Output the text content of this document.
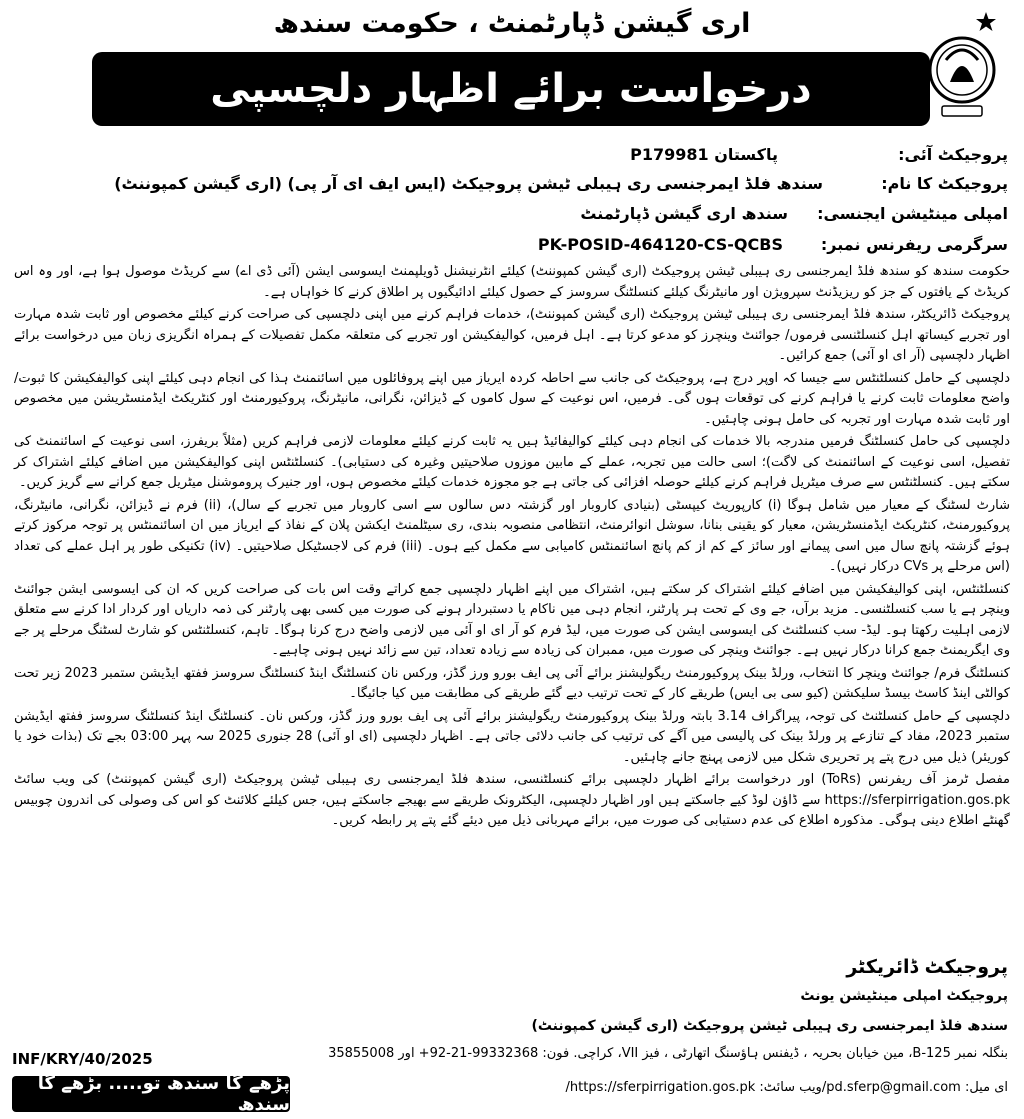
اری گیشن ڈپارٹمنٹ ، حکومت سندھ
درخواست برائے اظہار دلچسپی
پروجیکٹ آئی:
پاکستان P179981
پروجیکٹ کا نام:
سندھ فلڈ ایمرجنسی ری ہیبلی ٹیشن پروجیکٹ (ایس ایف ای آر پی) (اری گیشن کمپوننٹ)
امپلی مینٹیشن ایجنسی:
سندھ اری گیشن ڈپارٹمنٹ
سرگرمی ریفرنس نمبر:
PK-POSID-464120-CS-QCBS

حکومت سندھ کو سندھ فلڈ ایمرجنسی ری ہیبلی ٹیشن پروجیکٹ (اری گیشن کمپوننٹ) کیلئے انٹرنیشنل ڈویلپمنٹ ایسوسی ایشن (آئی ڈی اے) سے کریڈٹ موصول ہوا ہے، اور وہ اس کریڈٹ کے یافتوں کے جز کو ریزیڈنٹ سپرویژن اور مانیٹرنگ کیلئے کنسلٹنگ سروسز کے حصول کیلئے ادائیگیوں پر اطلاق کرنے کا خواہاں ہے۔

پروجیکٹ ڈائریکٹر، سندھ فلڈ ایمرجنسی ری ہیبلی ٹیشن پروجیکٹ (اری گیشن کمپوننٹ)، خدمات فراہم کرنے میں اپنی دلچسپی کی صراحت کرنے کیلئے مخصوص اور ثابت شدہ مہارت اور تجربے کیساتھ اہل کنسلٹنسی فرموں/ جوائنٹ وینچرز کو مدعو کرتا ہے۔ اہل فرمیں، کوالیفکیشن اور تجربے کی متعلقہ مکمل تفصیلات کے ہمراہ انگریزی زبان میں درخواست برائے اظہار دلچسپی (آر ای او آئی) جمع کرائیں۔

دلچسپی کے حامل کنسلٹنٹس سے جیسا کہ اوپر درج ہے، پروجیکٹ کی جانب سے احاطہ کردہ ایریاز میں اپنے پروفائلوں میں اسائنمنٹ ہذا کی انجام دہی کیلئے اپنی کوالیفکیشن کا ثبوت/ واضح معلومات ثابت کرنے یا فراہم کرنے کی توقعات ہوں گی۔ فرمیں، اس نوعیت کے سول کاموں کے ڈیزائن، نگرانی، مانیٹرنگ، پروکیورمنٹ اور کنٹریکٹ ایڈمنسٹریشن میں مخصوص اور ثابت شدہ مہارت اور تجربہ کی حامل ہونی چاہئیں۔

دلچسپی کی حامل کنسلٹنگ فرمیں مندرجہ بالا خدمات کی انجام دہی کیلئے کوالیفائیڈ ہیں یہ ثابت کرنے کیلئے معلومات لازمی فراہم کریں (مثلاً بریفرز، اسی نوعیت کے اسائنمنٹ کی تفصیل، اسی نوعیت کے اسائنمنٹ کی لاگت)؛ اسی حالت میں تجربہ، عملے کے مابین موزوں صلاحیتیں وغیرہ کی دستیابی)۔ کنسلٹنٹس اپنی کوالیفکیشن میں اضافے کیلئے اشتراک کر سکتے ہیں۔ کنسلٹنٹس سے صرف میٹریل فراہم کرنے کیلئے حوصلہ افزائی کی جاتی ہے جو مجوزہ خدمات کیلئے مخصوص ہوں، اور جنیرک پروموشنل میٹریل جمع کرانے سے گریز کریں۔

شارٹ لسٹنگ کے معیار میں شامل ہوگا (i) کارپوریٹ کیپسٹی (بنیادی کاروبار اور گزشتہ دس سالوں سے اسی کاروبار میں تجربے کے سال)، (ii) فرم نے ڈیزائن، نگرانی، مانیٹرنگ، پروکیورمنٹ، کنٹریکٹ ایڈمنسٹریشن، معیار کو یقینی بنانا، سوشل انوائرمنٹ، انتظامی منصوبہ بندی، ری سیٹلمنٹ ایکشن پلان کے نفاذ کے ایریاز میں ان اسائنمنٹس پر توجہ مرکوز کرتے ہوئے گزشتہ پانچ سال میں اسی پیمانے اور سائز کے کم از کم پانچ اسائنمنٹس کامیابی سے مکمل کیے ہوں۔ (iii) فرم کی لاجسٹیکل صلاحیتیں۔ (iv) تکنیکی طور پر اہل عملے کی تعداد (اس مرحلے پر CVs درکار نہیں)۔

کنسلٹنٹس، اپنی کوالیفکیشن میں اضافے کیلئے اشتراک کر سکتے ہیں، اشتراک میں اپنے اظہار دلچسپی جمع کراتے وقت اس بات کی صراحت کریں کہ ان کی ایسوسی ایشن جوائنٹ وینچر ہے یا سب کنسلٹنسی۔ مزید برآں، جے وی کے تحت ہر پارٹنر، انجام دہی میں ناکام یا دستبردار ہونے کی صورت میں کسی بھی پارٹنر کی ذمہ داریاں اور کردار ادا کرنے سے متعلق لازمی اہلیت رکھتا ہو۔ لیڈ- سب کنسلٹنٹ کی ایسوسی ایشن کی صورت میں، لیڈ فرم کو آر ای او آئی میں لازمی واضح درج کرنا ہوگا۔ تاہم، کنسلٹنٹس کو شارٹ لسٹنگ مرحلے پر جے وی ایگریمنٹ جمع کرانا درکار نہیں ہے۔ جوائنٹ وینچر کی صورت میں، ممبران کی زیادہ سے زیادہ تعداد، تین سے زائد نہیں ہونی چاہیے۔

کنسلٹنگ فرم/ جوائنٹ وینچر کا انتخاب، ورلڈ بینک پروکیورمنٹ ریگولیشنز برائے آئی پی ایف بورو ورز گڈز، ورکس نان کنسلٹنگ اینڈ کنسلٹنگ سروسز ففتھ ایڈیشن ستمبر 2023 زیر تحت کوالٹی اینڈ کاسٹ بیسڈ سلیکشن (کیو سی بی ایس) طریقے کار کے تحت ترتیب دیے گئے طریقے کی مطابقت میں کیا جائیگا۔

دلچسپی کے حامل کنسلٹنٹ کی توجہ، پیراگراف 3.14 بابتہ ورلڈ بینک پروکیورمنٹ ریگولیشنز برائے آئی پی ایف بورو ورز گڈز، ورکس نان۔ کنسلٹنگ اینڈ کنسلٹنگ سروسز ففتھ ایڈیشن ستمبر 2023، مفاد کے تنازعے پر ورلڈ بینک کی پالیسی میں آگے کی ترتیب کی جانب دلائی جاتی ہے۔ اظہار دلچسپی (ای او آئی) 28 جنوری 2025 سہ پہر 03:00 بجے تک (بذات خود یا کوریئر) ذیل میں درج پتے پر تحریری شکل میں لازمی پہنچ جانے چاہئیں۔

مفصل ٹرمز آف ریفرنس (ToRs) اور درخواست برائے اظہار دلچسپی برائے کنسلٹنسی، سندھ فلڈ ایمرجنسی ری ہیبلی ٹیشن پروجیکٹ (اری گیشن کمپوننٹ) کی ویب سائٹ https://sferpirrigation.gos.pk سے ڈاؤن لوڈ کیے جاسکتے ہیں اور اظہار دلچسپی، الیکٹرونک طریقے سے بھیجے جاسکتے ہیں، جس کیلئے کلائنٹ کو اس کی وصولی کی اندرون چوبیس گھنٹے اطلاع دینی ہوگی۔ مذکورہ اطلاع کی عدم دستیابی کی صورت میں، برائے مہربانی ذیل میں دیئے گئے پتے پر رابطہ کریں۔

پروجیکٹ ڈائریکٹر
پروجیکٹ امپلی مینٹیشن یونٹ
سندھ فلڈ ایمرجنسی ری ہیبلی ٹیشن پروجیکٹ (اری گیشن کمپوننٹ)
بنگلہ نمبر B-125، مین خیابان بحریہ ، ڈیفنس ہاؤسنگ اتھارٹی ، فیز VII، کراچی. فون: 99332368-21-92+ اور 35855008
ای میل: pd.sferp@gmail.com/ویب سائٹ: https://sferpirrigation.gos.pk/
INF/KRY/40/2025
پڑھے گا سندھ تو..... بڑھے گا سندھ
